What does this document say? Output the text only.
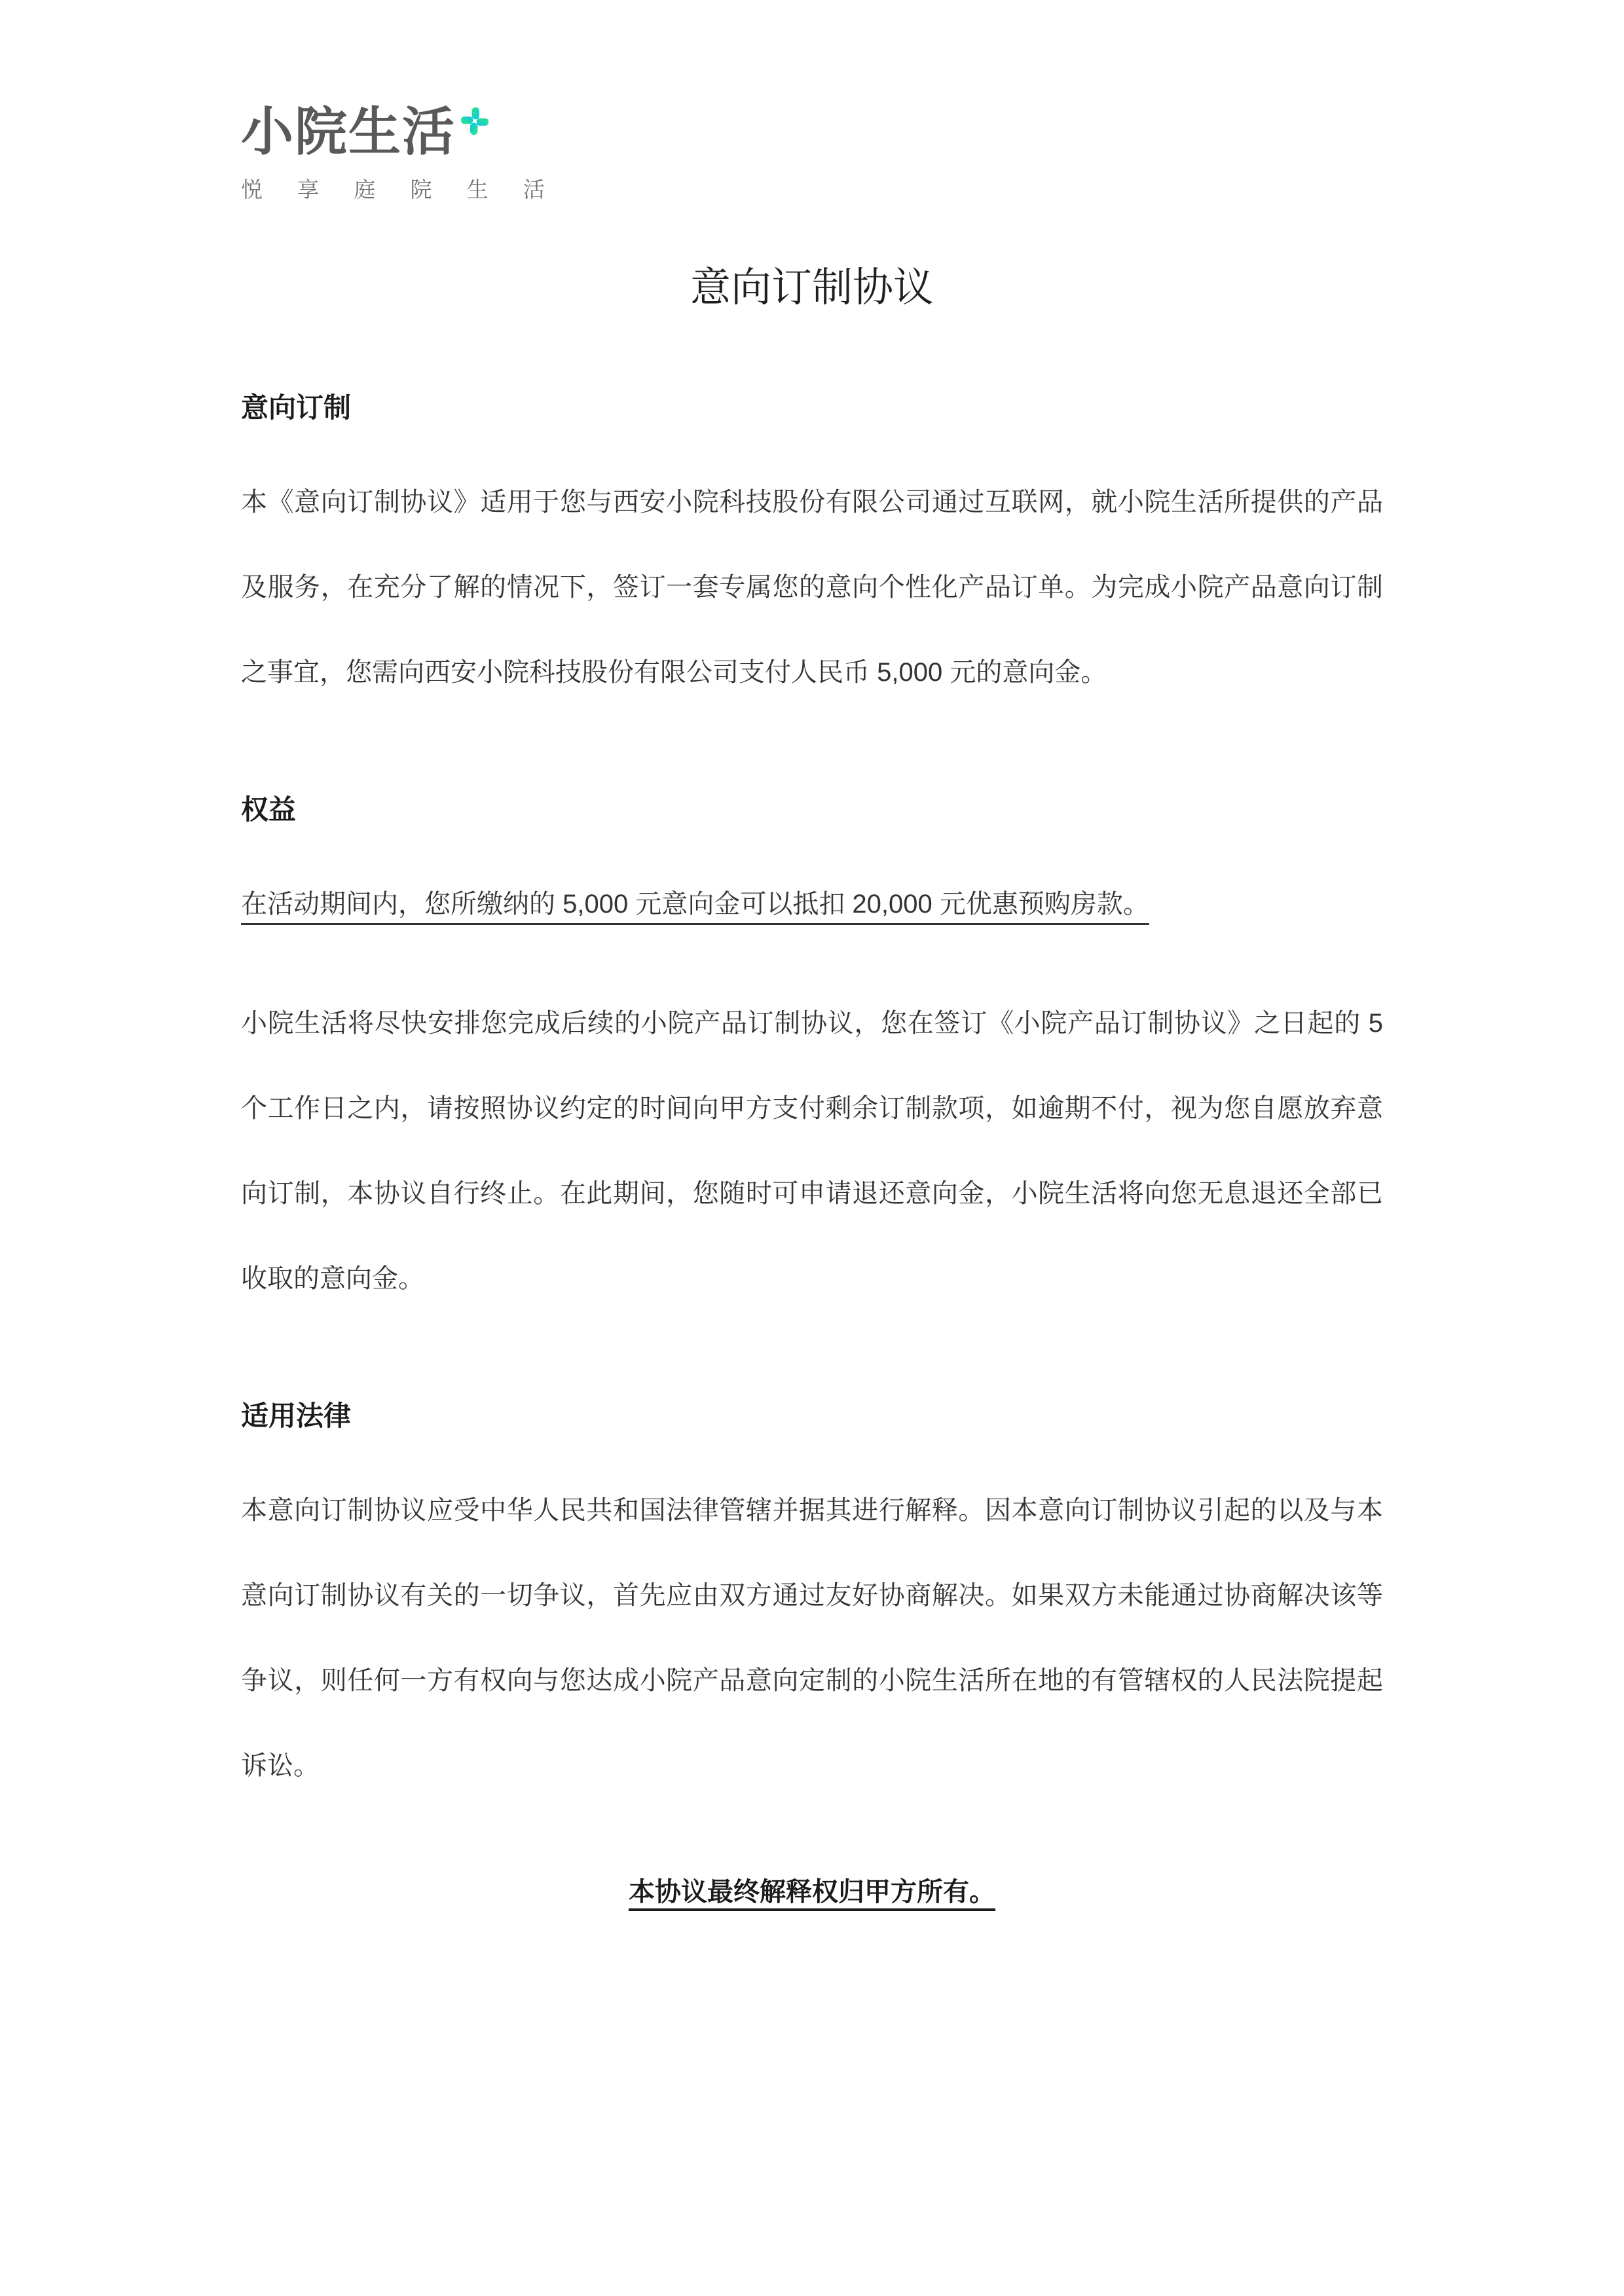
小院生活
悦 享 庭 院 生 活
意向订制协议
意向订制

本《意向订制协议》适用于您与西安小院科技股份有限公司通过互联网，就小院生活所提供的产品及服务，在充分了解的情况下，签订一套专属您的意向个性化产品订单。为完成小院产品意向订制之事宜，您需向西安小院科技股份有限公司支付人民币 5,000 元的意向金。

权益

在活动期间内，您所缴纳的 5,000 元意向金可以抵扣 20,000 元优惠预购房款。

小院生活将尽快安排您完成后续的小院产品订制协议，您在签订《小院产品订制协议》之日起的 5 个工作日之内，请按照协议约定的时间向甲方支付剩余订制款项，如逾期不付，视为您自愿放弃意向订制，本协议自行终止。在此期间，您随时可申请退还意向金，小院生活将向您无息退还全部已收取的意向金。

适用法律

本意向订制协议应受中华人民共和国法律管辖并据其进行解释。因本意向订制协议引起的以及与本意向订制协议有关的一切争议，首先应由双方通过友好协商解决。如果双方未能通过协商解决该等争议，则任何一方有权向与您达成小院产品意向定制的小院生活所在地的有管辖权的人民法院提起诉讼。

本协议最终解释权归甲方所有。
